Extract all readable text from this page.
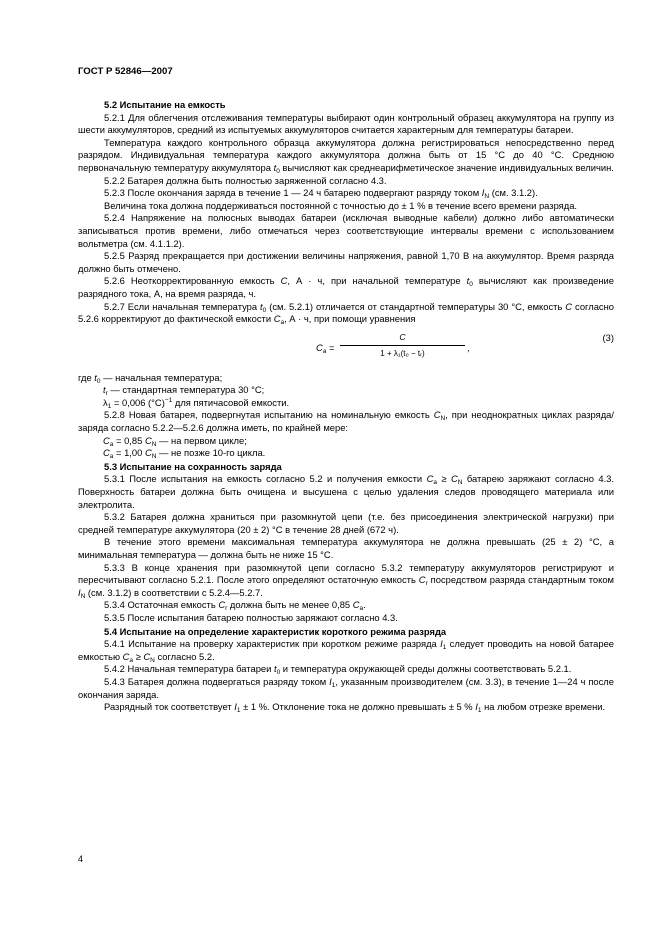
ГОСТ Р 52846—2007

5.2 Испытание на емкость

5.2.1 Для облегчения отслеживания температуры выбирают один контрольный образец аккумулятора на группу из шести аккумуляторов, средний из испытуемых аккумуляторов считается характерным для температуры батареи.

Температура каждого контрольного образца аккумулятора должна регистрироваться непосредственно перед разрядом. Индивидуальная температура каждого аккумулятора должна быть от 15 °С до 40 °С. Среднюю первоначальную температуру аккумулятора $t_0$ вычисляют как среднеарифметическое значение индивидуальных величин.

5.2.2 Батарея должна быть полностью заряженной согласно 4.3.

5.2.3 После окончания заряда в течение 1 — 24 ч батарею подвергают разряду током $I_N$ (см. 3.1.2).

Величина тока должна поддерживаться постоянной с точностью до ± 1 % в течение всего времени разряда.

5.2.4 Напряжение на полюсных выводах батареи (исключая выводные кабели) должно либо автоматически записываться против времени, либо отмечаться через соответствующие интервалы времени с использованием вольтметра (см. 4.1.1.2).

5.2.5 Разряд прекращается при достижении величины напряжения, равной 1,70 В на аккумулятор. Время разряда должно быть отмечено.

5.2.6 Неоткорректированную емкость С, А · ч, при начальной температуре $t_0$ вычисляют как произведение разрядного тока, А, на время разряда, ч.

5.2.7 Если начальная температура $t_0$ (см. 5.2.1) отличается от стандартной температуры 30 °С, емкость С согласно 5.2.6 корректируют до фактической емкости $С_a$, А · ч, при помощи уравнения

$C_a$ =
C
1 + λ₁(t₀ − tᵣ)
,
(3)

где $t_0$ — начальная температура;

$t_r$ — стандартная температура 30 °С;

$\lambda_1 = 0,006$ $(^\circ С)^{-1}$ для пятичасовой емкости.

5.2.8 Новая батарея, подвергнутая испытанию на номинальную емкость $С_N$, при неоднократных циклах разряда/заряда согласно 5.2.2—5.2.6 должна иметь, по крайней мере:

$С_a = 0,85$ $С_N$ — на первом цикле;

$С_a = 1,00$ $С_N$ — не позже 10-го цикла.

5.3 Испытание на сохранность заряда

5.3.1 После испытания на емкость согласно 5.2 и получения емкости $С_a \ge С_N$ батарею заряжают согласно 4.3. Поверхность батареи должна быть очищена и высушена с целью удаления следов проводящего материала или электролита.

5.3.2 Батарея должна храниться при разомкнутой цепи (т.е. без присоединения электрической нагрузки) при средней температуре аккумулятора (20 ± 2) °С в течение 28 дней (672 ч).

В течение этого времени максимальная температура аккумулятора не должна превышать (25 ± 2) °С, а минимальная температура — должна быть не ниже 15 °С.

5.3.3 В конце хранения при разомкнутой цепи согласно 5.3.2 температуру аккумуляторов регистрируют и пересчитывают согласно 5.2.1. После этого определяют остаточную емкость $С_r$ посредством разряда стандартным током $I_N$ (см. 3.1.2) в соответствии с 5.2.4—5.2.7.

5.3.4 Остаточная емкость $С_r$ должна быть не менее 0,85 $С_a$.

5.3.5 После испытания батарею полностью заряжают согласно 4.3.

5.4 Испытание на определение характеристик короткого режима разряда

5.4.1 Испытание на проверку характеристик при коротком режиме разряда $I_1$ следует проводить на новой батарее емкостью $С_a \ge С_N$ согласно 5.2.

5.4.2 Начальная температура батареи $t_0$ и температура окружающей среды должны соответствовать 5.2.1.

5.4.3 Батарея должна подвергаться разряду током $I_1$, указанным производителем (см. 3.3), в течение 1—24 ч после окончания заряда.

Разрядный ток соответствует $I_1 \pm 1$ %. Отклонение тока не должно превышать ± 5 % $I_1$ на любом отрезке времени.

4
